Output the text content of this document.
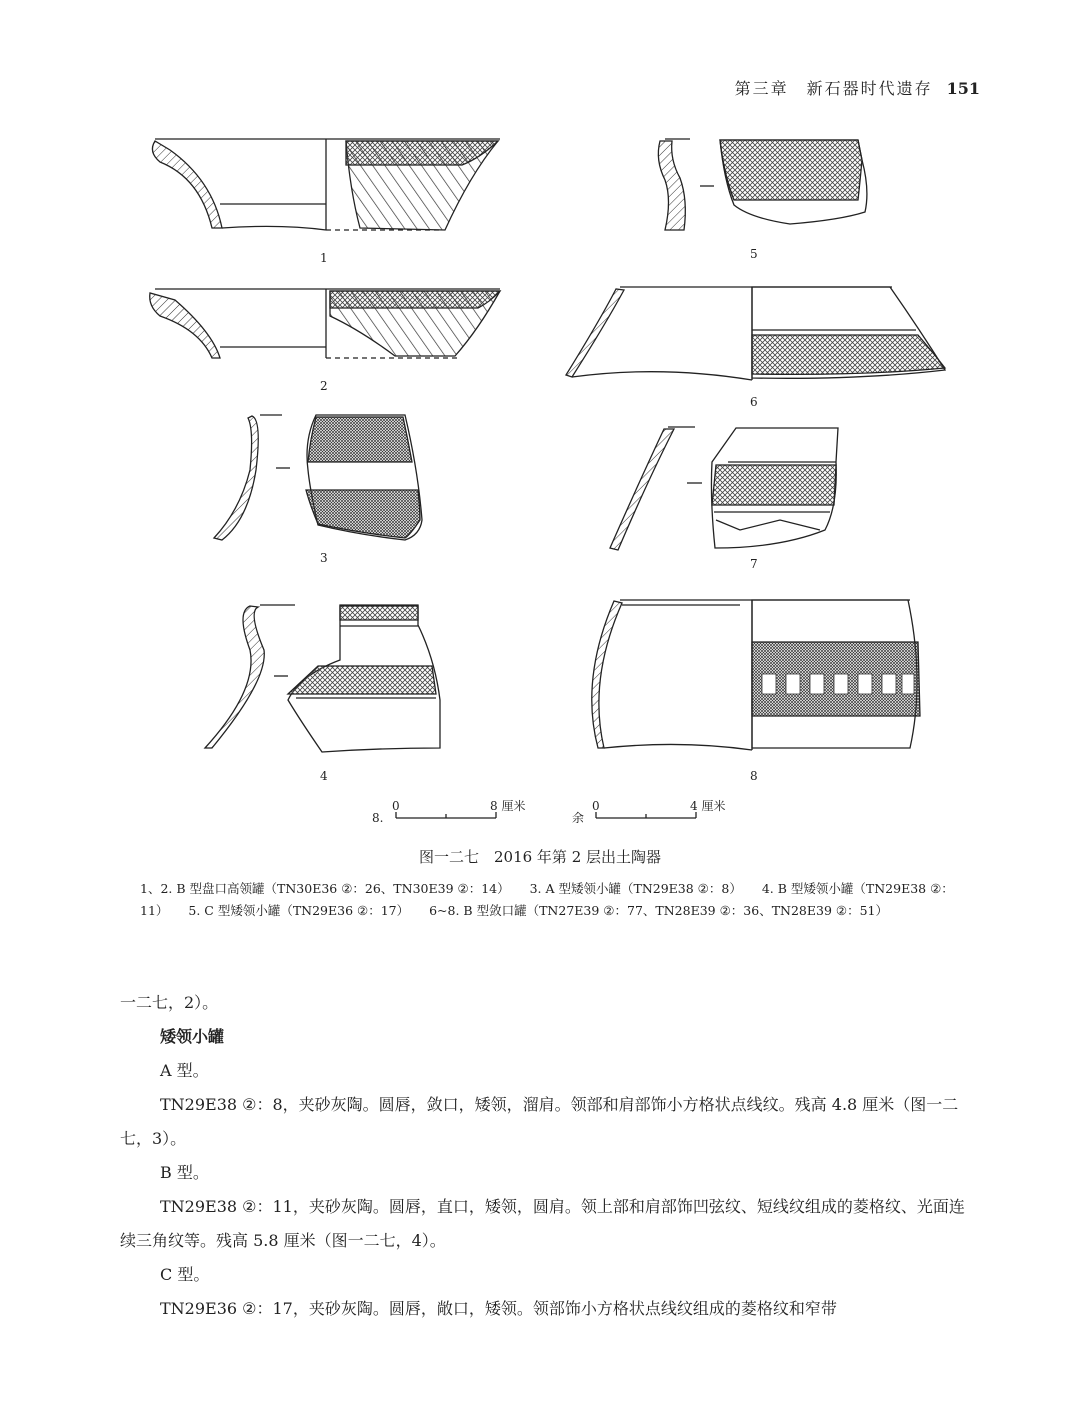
第三章　新石器时代遗存 151
1
2
3
4
5
6
7
8
8.
0	8 厘米
余
0	4 厘米
图一二七　2016 年第 2 层出土陶器
1、2. B 型盘口高领罐（TN30E36 ②：26、TN30E39 ②：14） 3. A 型矮领小罐（TN29E38 ②：8） 4. B 型矮领小罐（TN29E38 ②：11） 5. C 型矮领小罐（TN29E36 ②：17） 6~8. B 型敛口罐（TN27E39 ②：77、TN28E39 ②：36、TN28E39 ②：51）

一二七，2）。

矮领小罐

A 型。

TN29E38 ②：8，夹砂灰陶。圆唇，敛口，矮领，溜肩。领部和肩部饰小方格状点线纹。残高 4.8 厘米（图一二七，3）。

B 型。

TN29E38 ②：11，夹砂灰陶。圆唇，直口，矮领，圆肩。领上部和肩部饰凹弦纹、短线纹组成的菱格纹、光面连续三角纹等。残高 5.8 厘米（图一二七，4）。

C 型。

TN29E36 ②：17，夹砂灰陶。圆唇，敞口，矮领。领部饰小方格状点线纹组成的菱格纹和窄带
